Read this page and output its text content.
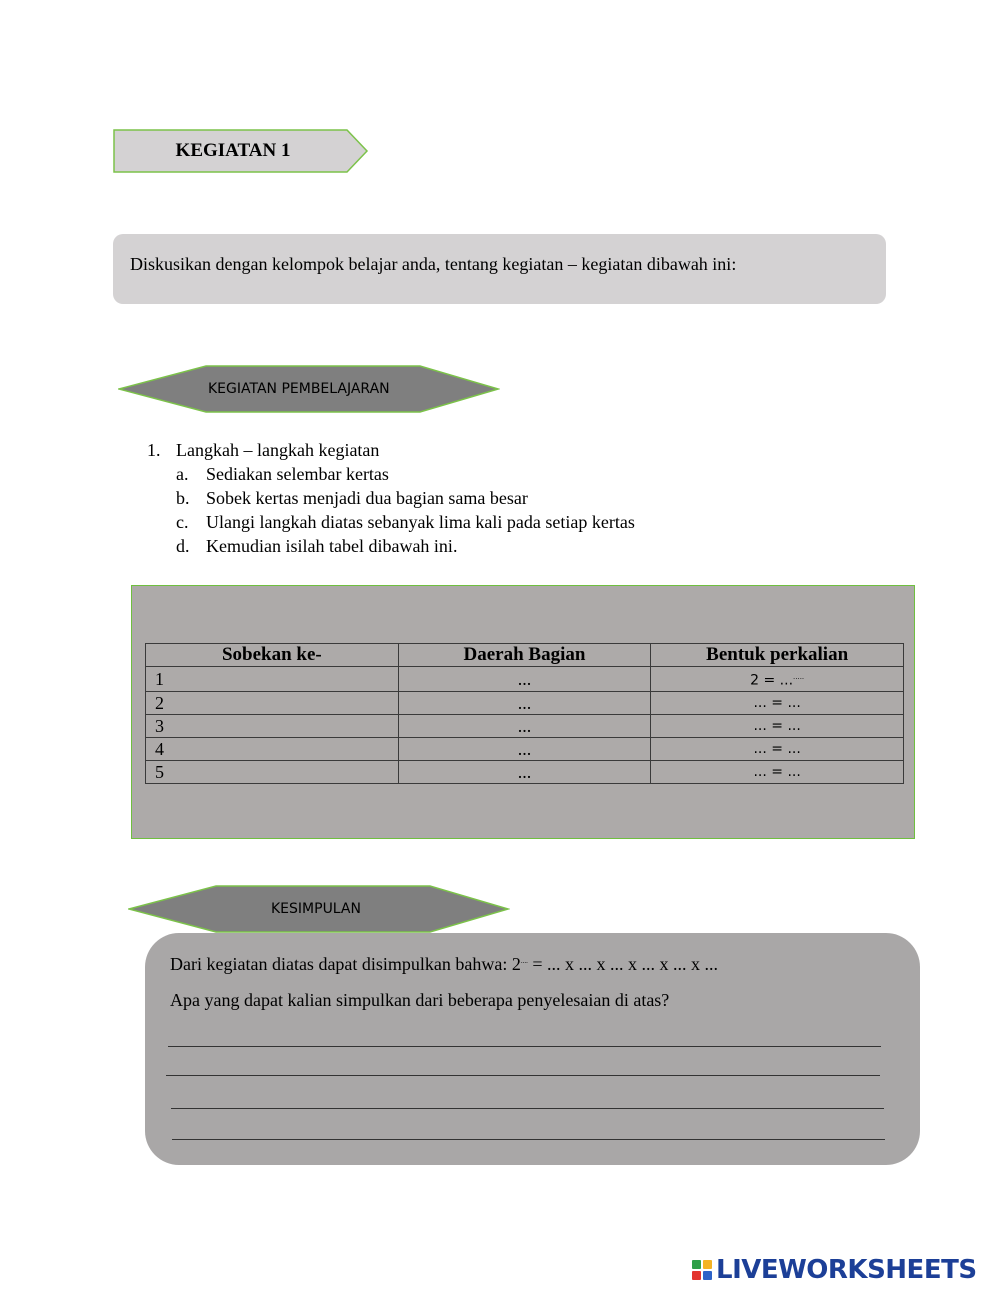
KEGIATAN 1
Diskusikan dengan kelompok belajar anda, tentang kegiatan – kegiatan dibawah ini:
KEGIATAN PEMBELAJARAN
1. Langkah – langkah kegiatan
a. Sediakan selembar kertas
b. Sobek kertas menjadi dua bagian sama besar
c. Ulangi langkah diatas sebanyak lima kali pada setiap kertas
d. Kemudian isilah tabel dibawah ini.
Sobekan ke-	Daerah Bagian	Bentuk perkalian
1	...	2 = ........
2	...	... = ...
3	...	... = ...
4	...	... = ...
5	...	... = ...
KESIMPULAN
Dari kegiatan diatas dapat disimpulkan bahwa: 2.... = ... x ... x ... x ... x ... x ...
Apa yang dapat kalian simpulkan dari beberapa penyelesaian di atas?
LIVEWORKSHEETS
